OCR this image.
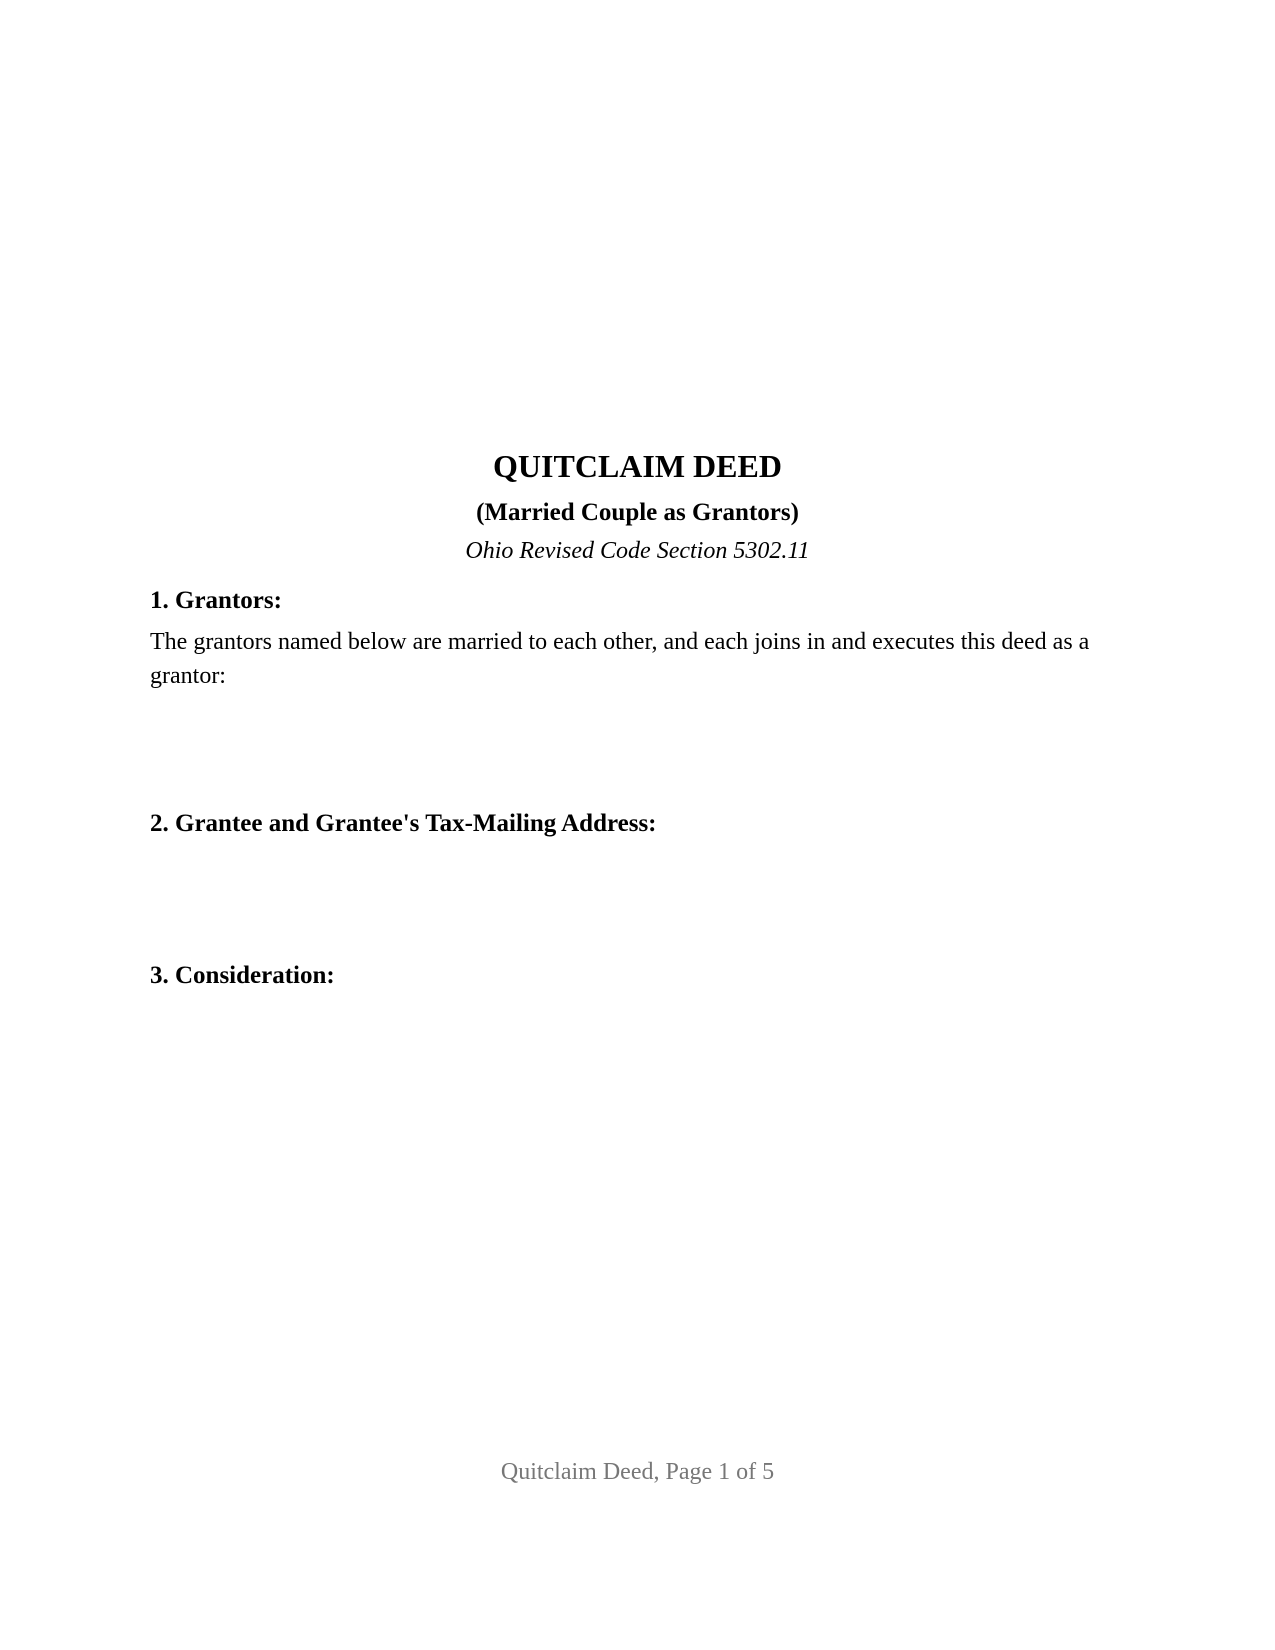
QUITCLAIM DEED
(Married Couple as Grantors)
Ohio Revised Code Section 5302.11
1. Grantors:
The grantors named below are married to each other, and each joins in and executes this deed as a grantor:
2. Grantee and Grantee's Tax-Mailing Address:
3. Consideration:
Quitclaim Deed, Page 1 of 5
